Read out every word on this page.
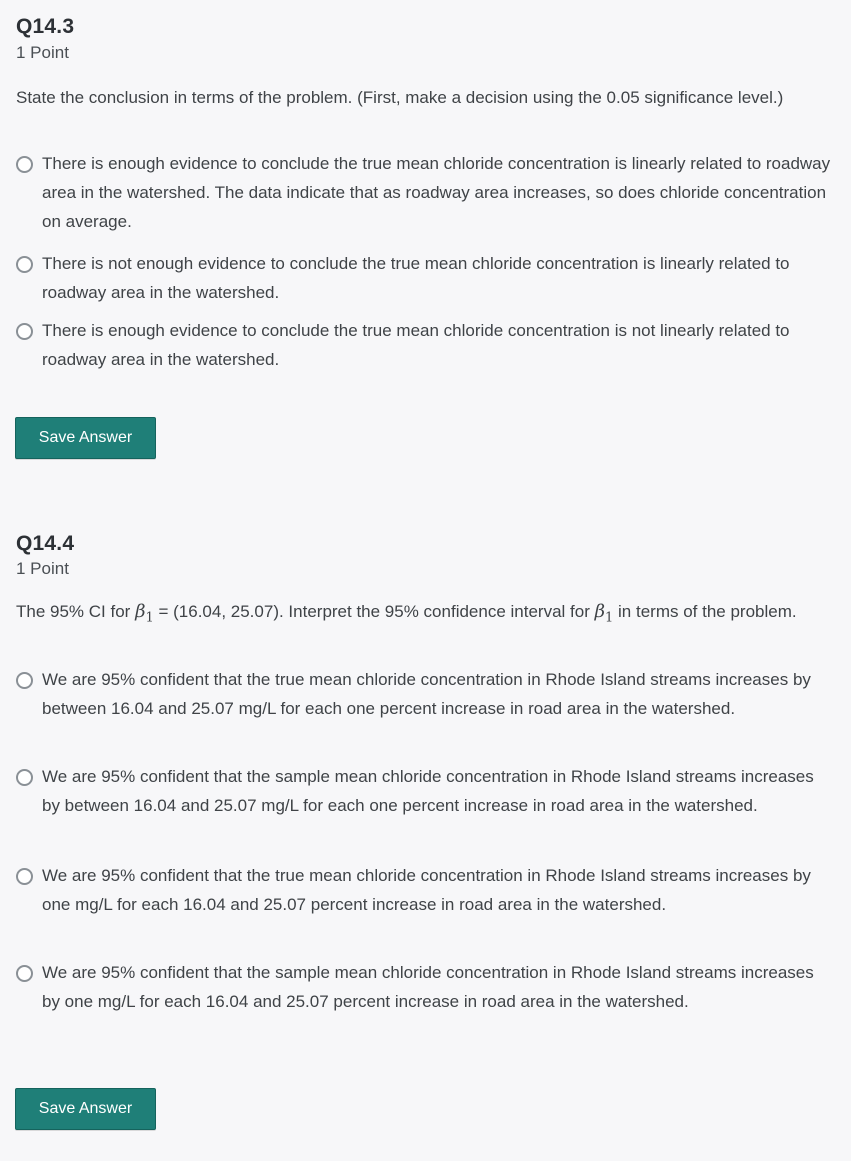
Q14.3
1 Point
State the conclusion in terms of the problem. (First, make a decision using the 0.05 significance level.)
There is enough evidence to conclude the true mean chloride concentration is linearly related to roadway area in the watershed. The data indicate that as roadway area increases, so does chloride concentration on average.
There is not enough evidence to conclude the true mean chloride concentration is linearly related to roadway area in the watershed.
There is enough evidence to conclude the true mean chloride concentration is not linearly related to roadway area in the watershed.
Save Answer
Q14.4
1 Point
The 95% CI for $\beta_1 = (16.04$, 25.07). Interpret the 95% confidence interval for $\beta_1$ in terms of the problem.
We are 95% confident that the true mean chloride concentration in Rhode Island streams increases by between 16.04 and 25.07 mg/L for each one percent increase in road area in the watershed.
We are 95% confident that the sample mean chloride concentration in Rhode Island streams increases by between 16.04 and 25.07 mg/L for each one percent increase in road area in the watershed.
We are 95% confident that the true mean chloride concentration in Rhode Island streams increases by one mg/L for each 16.04 and 25.07 percent increase in road area in the watershed.
We are 95% confident that the sample mean chloride concentration in Rhode Island streams increases by one mg/L for each 16.04 and 25.07 percent increase in road area in the watershed.
Save Answer
